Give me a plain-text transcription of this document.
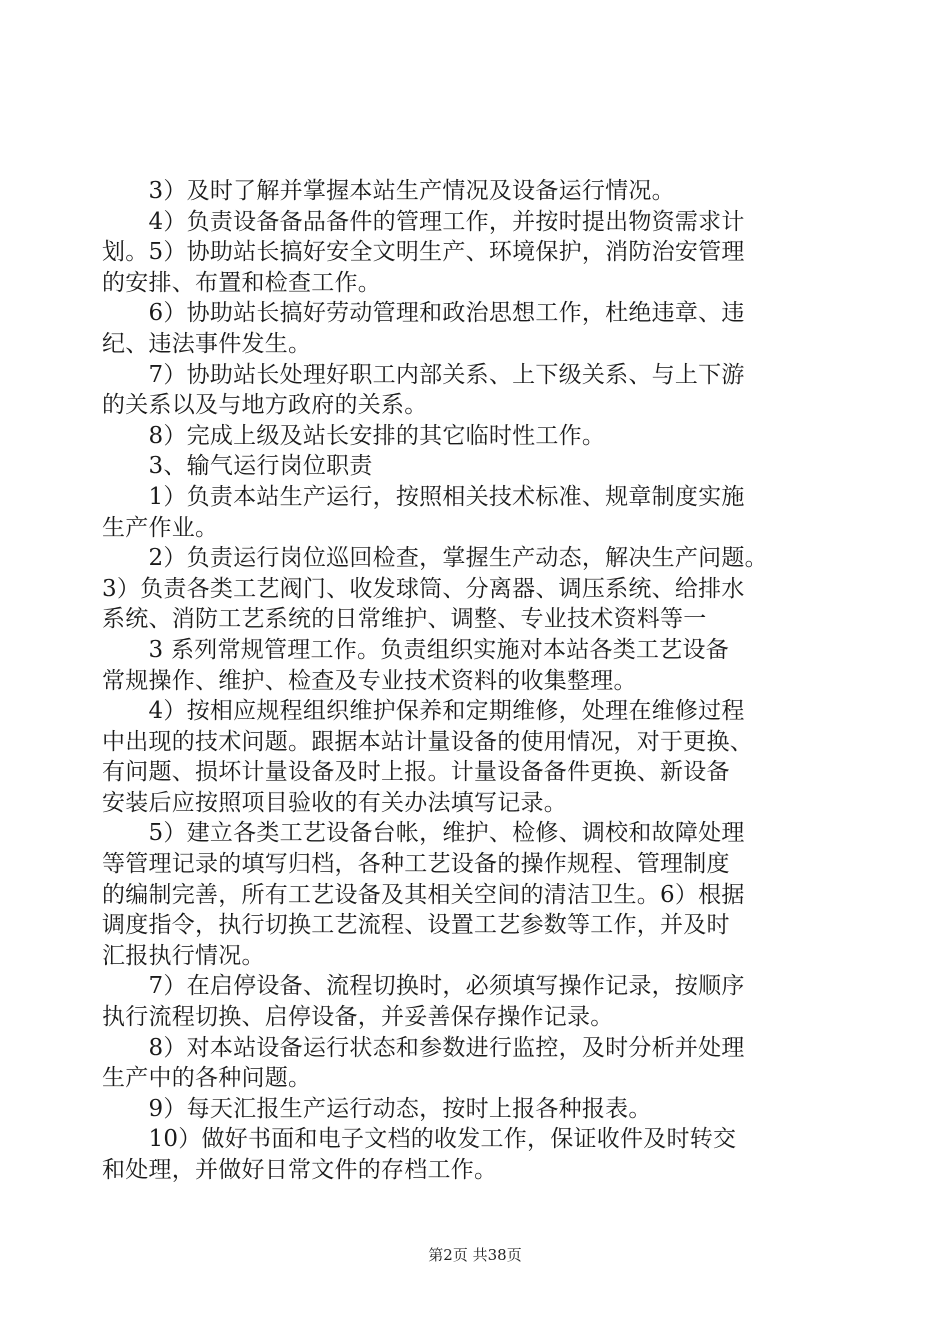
　　3）及时了解并掌握本站生产情况及设备运行情况。
　　4）负责设备备品备件的管理工作，并按时提出物资需求计
划。5）协助站长搞好安全文明生产、环境保护，消防治安管理
的安排、布置和检查工作。
　　6）协助站长搞好劳动管理和政治思想工作，杜绝违章、违
纪、违法事件发生。
　　7）协助站长处理好职工内部关系、上下级关系、与上下游
的关系以及与地方政府的关系。
　　8）完成上级及站长安排的其它临时性工作。
　　3、输气运行岗位职责
　　1）负责本站生产运行，按照相关技术标准、规章制度实施
生产作业。
　　2）负责运行岗位巡回检查，掌握生产动态，解决生产问题。
3）负责各类工艺阀门、收发球筒、分离器、调压系统、给排水
系统、消防工艺系统的日常维护、调整、专业技术资料等一
　　3 系列常规管理工作。负责组织实施对本站各类工艺设备
常规操作、维护、检查及专业技术资料的收集整理。
　　4）按相应规程组织维护保养和定期维修，处理在维修过程
中出现的技术问题。跟据本站计量设备的使用情况，对于更换、
有问题、损坏计量设备及时上报。计量设备备件更换、新设备
安装后应按照项目验收的有关办法填写记录。
　　5）建立各类工艺设备台帐，维护、检修、调校和故障处理
等管理记录的填写归档，各种工艺设备的操作规程、管理制度
的编制完善，所有工艺设备及其相关空间的清洁卫生。6）根据
调度指令，执行切换工艺流程、设置工艺参数等工作，并及时
汇报执行情况。
　　7）在启停设备、流程切换时，必须填写操作记录，按顺序
执行流程切换、启停设备，并妥善保存操作记录。
　　8）对本站设备运行状态和参数进行监控，及时分析并处理
生产中的各种问题。
　　9）每天汇报生产运行动态，按时上报各种报表。
　　10）做好书面和电子文档的收发工作，保证收件及时转交
和处理，并做好日常文件的存档工作。
第2页 共38页
